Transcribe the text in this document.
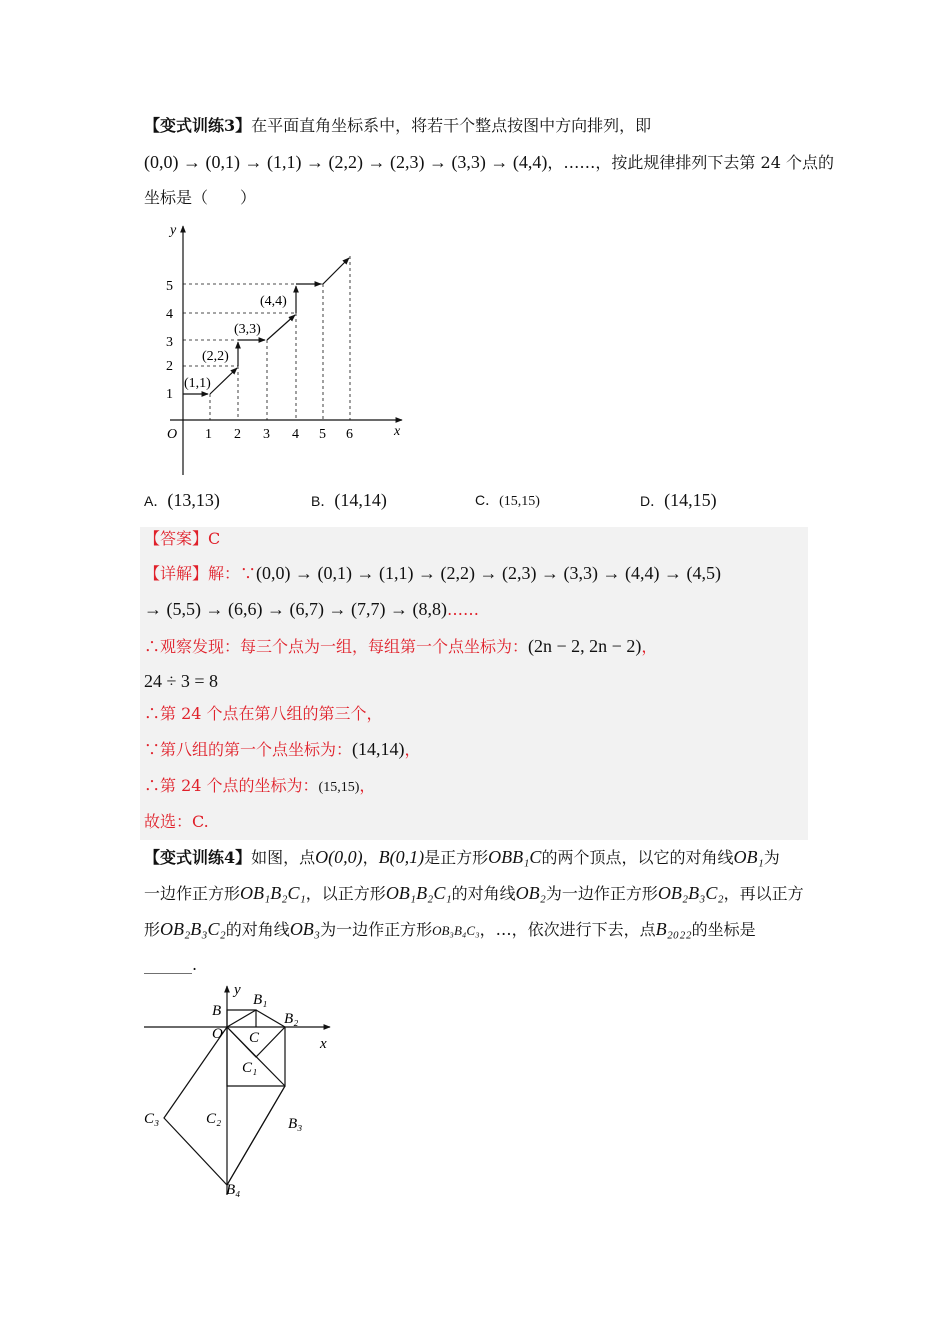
【变式训练3】在平面直角坐标系中，将若干个整点按图中方向排列，即
(0,0) → (0,1) → (1,1) → (2,2) → (2,3) → (3,3) → (4,4)，……，按此规律排列下去第 24 个点的
坐标是（　　）
y
x
O 1 2 3 4 5 6
1
2
3
4
5
(1,1)
(2,2)
(3,3)
(4,4)
A．(13,13)	B．(14,14)	C．(15,15)	D．(14,15)
【答案】C
【详解】解：∵(0,0) → (0,1) → (1,1) → (2,2) → (2,3) → (3,3) → (4,4) → (4,5)
→ (5,5) → (6,6) → (6,7) → (7,7) → (8,8)……
∴观察发现：每三个点为一组，每组第一个点坐标为：(2n − 2, 2n − 2)，
24 ÷ 3 = 8
∴第 24 个点在第八组的第三个，
∵第八组的第一个点坐标为：(14,14)，
∴第 24 个点的坐标为：(15,15)，
故选：C.
【变式训练4】如图，点O(0,0)，B(0,1)是正方形OBB₁C的两个顶点，以它的对角线OB₁为
一边作正方形OB₁B₂C₁，以正方形OB₁B₂C₁的对角线OB₂为一边作正方形OB₂B₃C₂，再以正方
形OB₂B₃C₂的对角线OB₃为一边作正方形OB₃B₄C₃，…，依次进行下去，点B₂₀₂₂的坐标是
______.
y
x
B
B₁
O
B₂
C
C₁
C₃	C₂	B₃
B₄
